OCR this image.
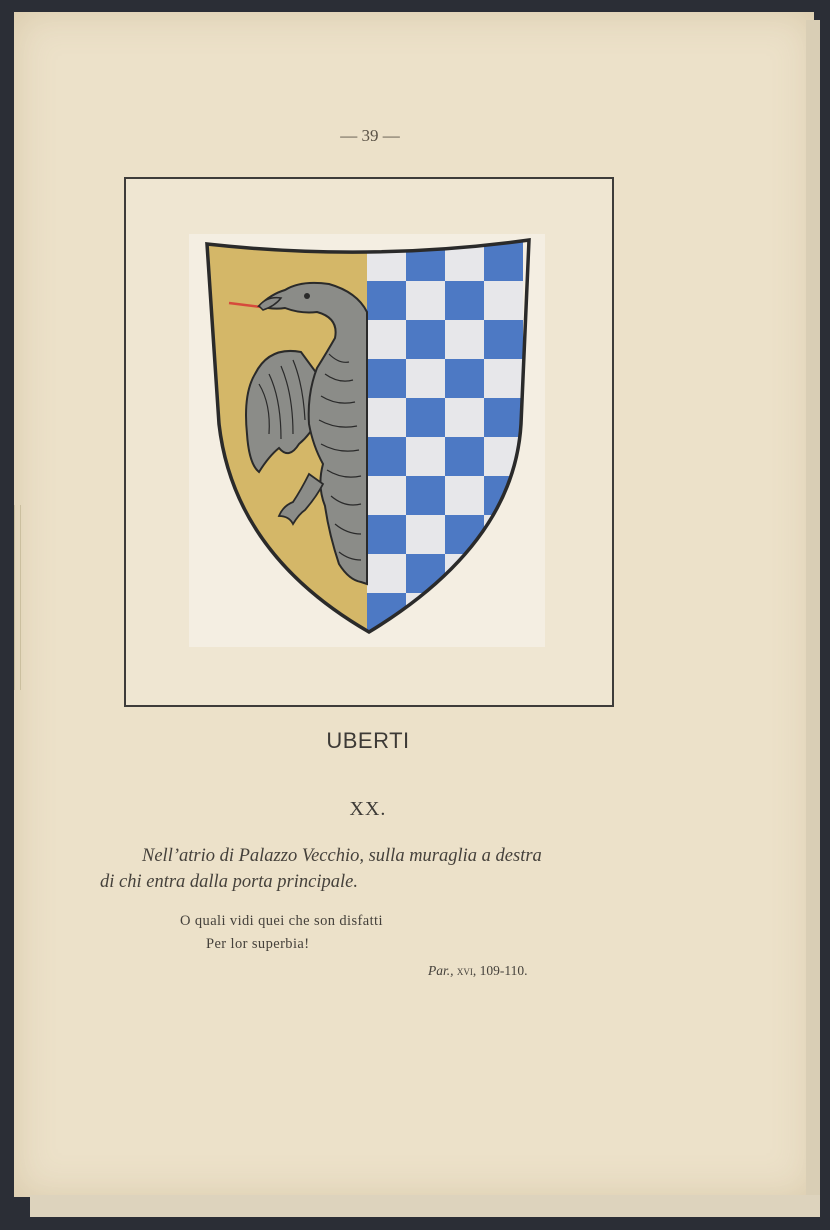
— 39 —
UBERTI
XX.
Nell’atrio di Palazzo Vecchio, sulla muraglia a destra
di chi entra dalla porta principale.
O quali vidi quei che son disfatti
Per lor superbia!
Par., xvi, 109-110.
